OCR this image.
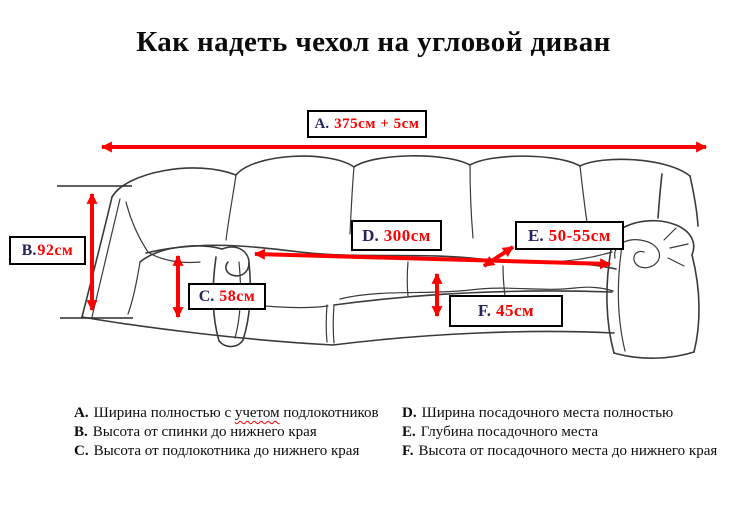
Как надеть чехол на угловой диван
A. 375см + 5см
B. 92см
C. 58см
D. 300см	E. 50-55см
F. 45см
A. Ширина полностью с учетом подлокотников
B. Высота от спинки до нижнего края
C. Высота от подлокотника до нижнего края
D. Ширина посадочного места полностью
E. Глубина посадочного места
F. Высота от посадочного места до нижнего края
